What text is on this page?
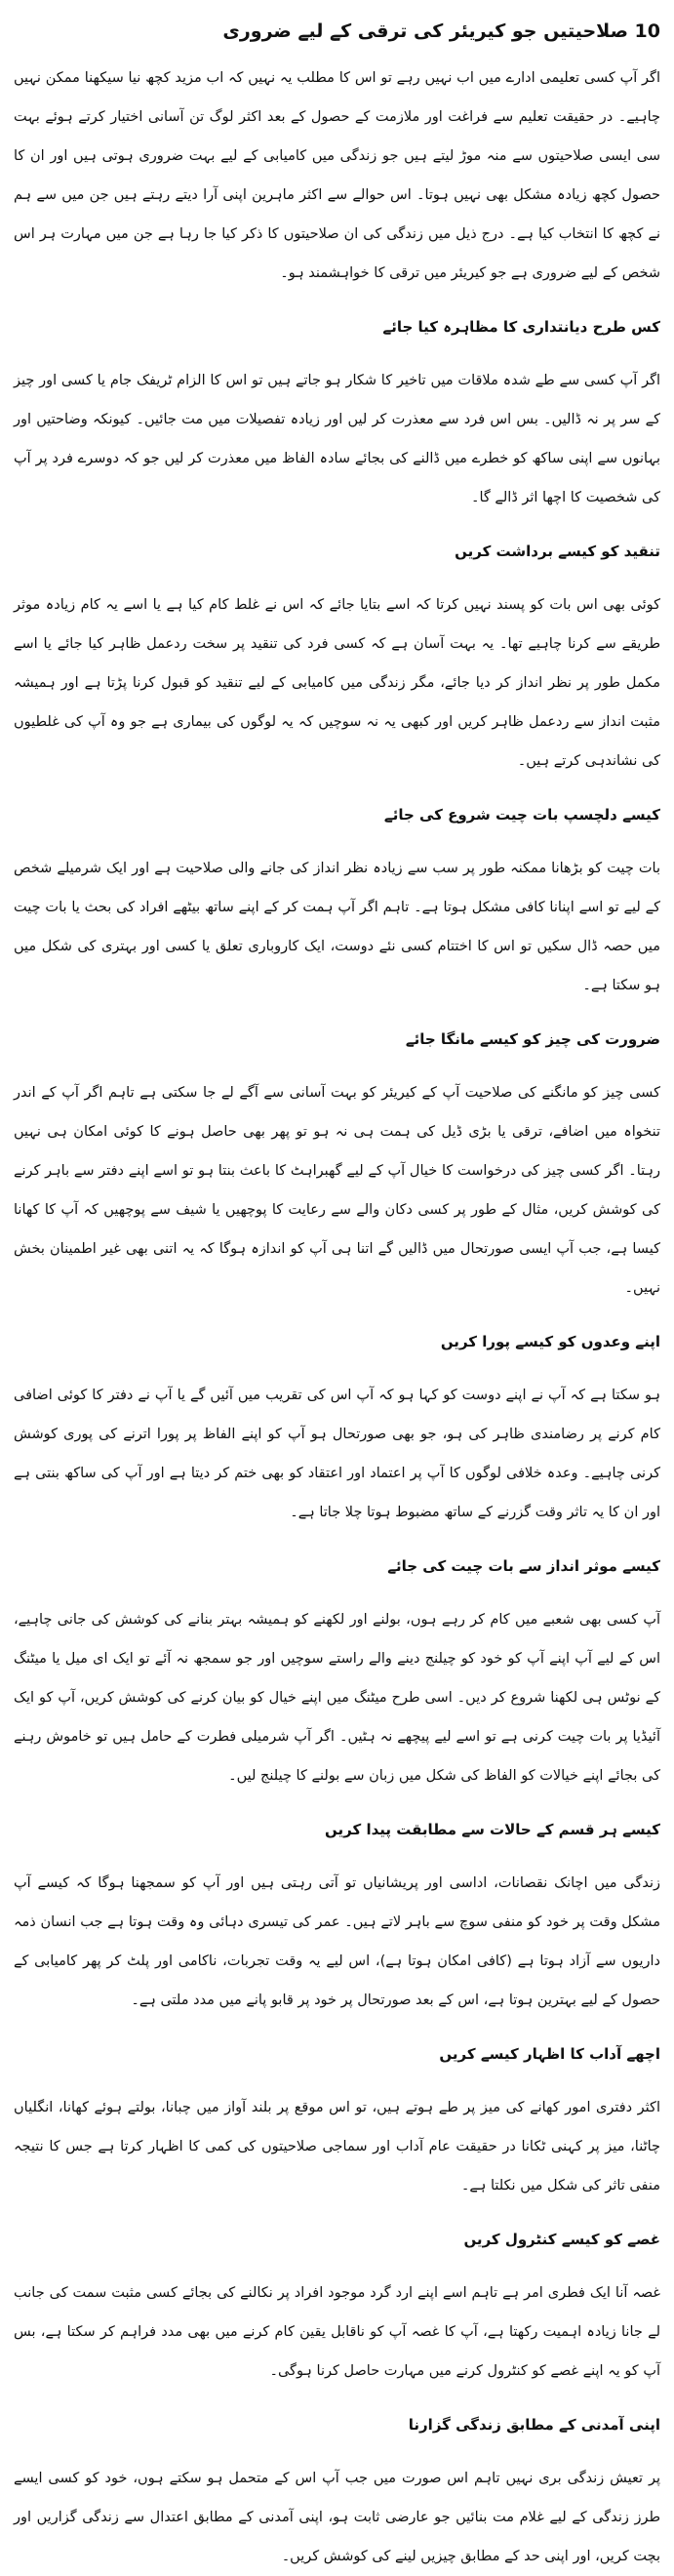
10 صلاحیتیں جو کیریئر کی ترقی کے لیے ضروری

اگر آپ کسی تعلیمی ادارے میں اب نہیں رہے تو اس کا مطلب یہ نہیں کہ اب مزید کچھ نیا سیکھنا ممکن نہیں چاہیے۔ در حقیقت تعلیم سے فراغت اور ملازمت کے حصول کے بعد اکثر لوگ تن آسانی اختیار کرتے ہوئے بہت سی ایسی صلاحیتوں سے منہ موڑ لیتے ہیں جو زندگی میں کامیابی کے لیے بہت ضروری ہوتی ہیں اور ان کا حصول کچھ زیادہ مشکل بھی نہیں ہوتا۔ اس حوالے سے اکثر ماہرین اپنی آرا دیتے رہتے ہیں جن میں سے ہم نے کچھ کا انتخاب کیا ہے۔ درج ذیل میں زندگی کی ان صلاحیتوں کا ذکر کیا جا رہا ہے جن میں مہارت ہر اس شخص کے لیے ضروری ہے جو کیریئر میں ترقی کا خواہشمند ہو۔

کس طرح دیانتداری کا مظاہرہ کیا جائے

اگر آپ کسی سے طے شدہ ملاقات میں تاخیر کا شکار ہو جاتے ہیں تو اس کا الزام ٹریفک جام یا کسی اور چیز کے سر پر نہ ڈالیں۔ بس اس فرد سے معذرت کر لیں اور زیادہ تفصیلات میں مت جائیں۔ کیونکہ وضاحتیں اور بہانوں سے اپنی ساکھ کو خطرے میں ڈالنے کی بجائے سادہ الفاظ میں معذرت کر لیں جو کہ دوسرے فرد پر آپ کی شخصیت کا اچھا اثر ڈالے گا۔

تنقید کو کیسے برداشت کریں

کوئی بھی اس بات کو پسند نہیں کرتا کہ اسے بتایا جائے کہ اس نے غلط کام کیا ہے یا اسے یہ کام زیادہ موثر طریقے سے کرنا چاہیے تھا۔ یہ بہت آسان ہے کہ کسی فرد کی تنقید پر سخت ردعمل ظاہر کیا جائے یا اسے مکمل طور پر نظر انداز کر دیا جائے، مگر زندگی میں کامیابی کے لیے تنقید کو قبول کرنا پڑتا ہے اور ہمیشہ مثبت انداز سے ردعمل ظاہر کریں اور کبھی یہ نہ سوچیں کہ یہ لوگوں کی بیماری ہے جو وہ آپ کی غلطیوں کی نشاندہی کرتے ہیں۔

کیسے دلچسپ بات چیت شروع کی جائے

بات چیت کو بڑھانا ممکنہ طور پر سب سے زیادہ نظر انداز کی جانے والی صلاحیت ہے اور ایک شرمیلے شخص کے لیے تو اسے اپنانا کافی مشکل ہوتا ہے۔ تاہم اگر آپ ہمت کر کے اپنے ساتھ بیٹھے افراد کی بحث یا بات چیت میں حصہ ڈال سکیں تو اس کا اختتام کسی نئے دوست، ایک کاروباری تعلق یا کسی اور بہتری کی شکل میں ہو سکتا ہے۔

ضرورت کی چیز کو کیسے مانگا جائے

کسی چیز کو مانگنے کی صلاحیت آپ کے کیریئر کو بہت آسانی سے آگے لے جا سکتی ہے تاہم اگر آپ کے اندر تنخواہ میں اضافے، ترقی یا بڑی ڈیل کی ہمت ہی نہ ہو تو پھر بھی حاصل ہونے کا کوئی امکان ہی نہیں رہتا۔ اگر کسی چیز کی درخواست کا خیال آپ کے لیے گھبراہٹ کا باعث بنتا ہو تو اسے اپنے دفتر سے باہر کرنے کی کوشش کریں، مثال کے طور پر کسی دکان والے سے رعایت کا پوچھیں یا شیف سے پوچھیں کہ آپ کا کھانا کیسا ہے، جب آپ ایسی صورتحال میں ڈالیں گے اتنا ہی آپ کو اندازہ ہوگا کہ یہ اتنی بھی غیر اطمینان بخش نہیں۔

اپنے وعدوں کو کیسے پورا کریں

ہو سکتا ہے کہ آپ نے اپنے دوست کو کہا ہو کہ آپ اس کی تقریب میں آئیں گے یا آپ نے دفتر کا کوئی اضافی کام کرنے پر رضامندی ظاہر کی ہو، جو بھی صورتحال ہو آپ کو اپنے الفاظ پر پورا اترنے کی پوری کوشش کرنی چاہیے۔ وعدہ خلافی لوگوں کا آپ پر اعتماد اور اعتقاد کو بھی ختم کر دیتا ہے اور آپ کی ساکھ بنتی ہے اور ان کا یہ تاثر وقت گزرنے کے ساتھ مضبوط ہوتا چلا جاتا ہے۔

کیسے موثر انداز سے بات چیت کی جائے

آپ کسی بھی شعبے میں کام کر رہے ہوں، بولنے اور لکھنے کو ہمیشہ بہتر بنانے کی کوشش کی جانی چاہیے، اس کے لیے آپ اپنے آپ کو خود کو چیلنج دینے والے راستے سوچیں اور جو سمجھ نہ آئے تو ایک ای میل یا میٹنگ کے نوٹس ہی لکھنا شروع کر دیں۔ اسی طرح میٹنگ میں اپنے خیال کو بیان کرنے کی کوشش کریں، آپ کو ایک آئیڈیا پر بات چیت کرنی ہے تو اسے لیے پیچھے نہ ہٹیں۔ اگر آپ شرمیلی فطرت کے حامل ہیں تو خاموش رہنے کی بجائے اپنے خیالات کو الفاظ کی شکل میں زبان سے بولنے کا چیلنج لیں۔

کیسے ہر قسم کے حالات سے مطابقت پیدا کریں

زندگی میں اچانک نقصانات، اداسی اور پریشانیاں تو آتی رہتی ہیں اور آپ کو سمجھنا ہوگا کہ کیسے آپ مشکل وقت پر خود کو منفی سوچ سے باہر لاتے ہیں۔ عمر کی تیسری دہائی وہ وقت ہوتا ہے جب انسان ذمہ داریوں سے آزاد ہوتا ہے (کافی امکان ہوتا ہے)، اس لیے یہ وقت تجربات، ناکامی اور پلٹ کر پھر کامیابی کے حصول کے لیے بہترین ہوتا ہے، اس کے بعد صورتحال پر خود پر قابو پانے میں مدد ملتی ہے۔

اچھے آداب کا اظہار کیسے کریں

اکثر دفتری امور کھانے کی میز پر طے ہوتے ہیں، تو اس موقع پر بلند آواز میں چبانا، بولتے ہوئے کھانا، انگلیاں چاٹنا، میز پر کہنی ٹکانا در حقیقت عام آداب اور سماجی صلاحیتوں کی کمی کا اظہار کرتا ہے جس کا نتیجہ منفی تاثر کی شکل میں نکلتا ہے۔

غصے کو کیسے کنٹرول کریں

غصہ آنا ایک فطری امر ہے تاہم اسے اپنے ارد گرد موجود افراد پر نکالنے کی بجائے کسی مثبت سمت کی جانب لے جانا زیادہ اہمیت رکھتا ہے، آپ کا غصہ آپ کو ناقابل یقین کام کرنے میں بھی مدد فراہم کر سکتا ہے، بس آپ کو یہ اپنے غصے کو کنٹرول کرنے میں مہارت حاصل کرنا ہوگی۔

اپنی آمدنی کے مطابق زندگی گزارنا

پر تعیش زندگی بری نہیں تاہم اس صورت میں جب آپ اس کے متحمل ہو سکتے ہوں، خود کو کسی ایسے طرز زندگی کے لیے غلام مت بنائیں جو عارضی ثابت ہو، اپنی آمدنی کے مطابق اعتدال سے زندگی گزاریں اور بچت کریں، اور اپنی حد کے مطابق چیزیں لینے کی کوشش کریں۔
